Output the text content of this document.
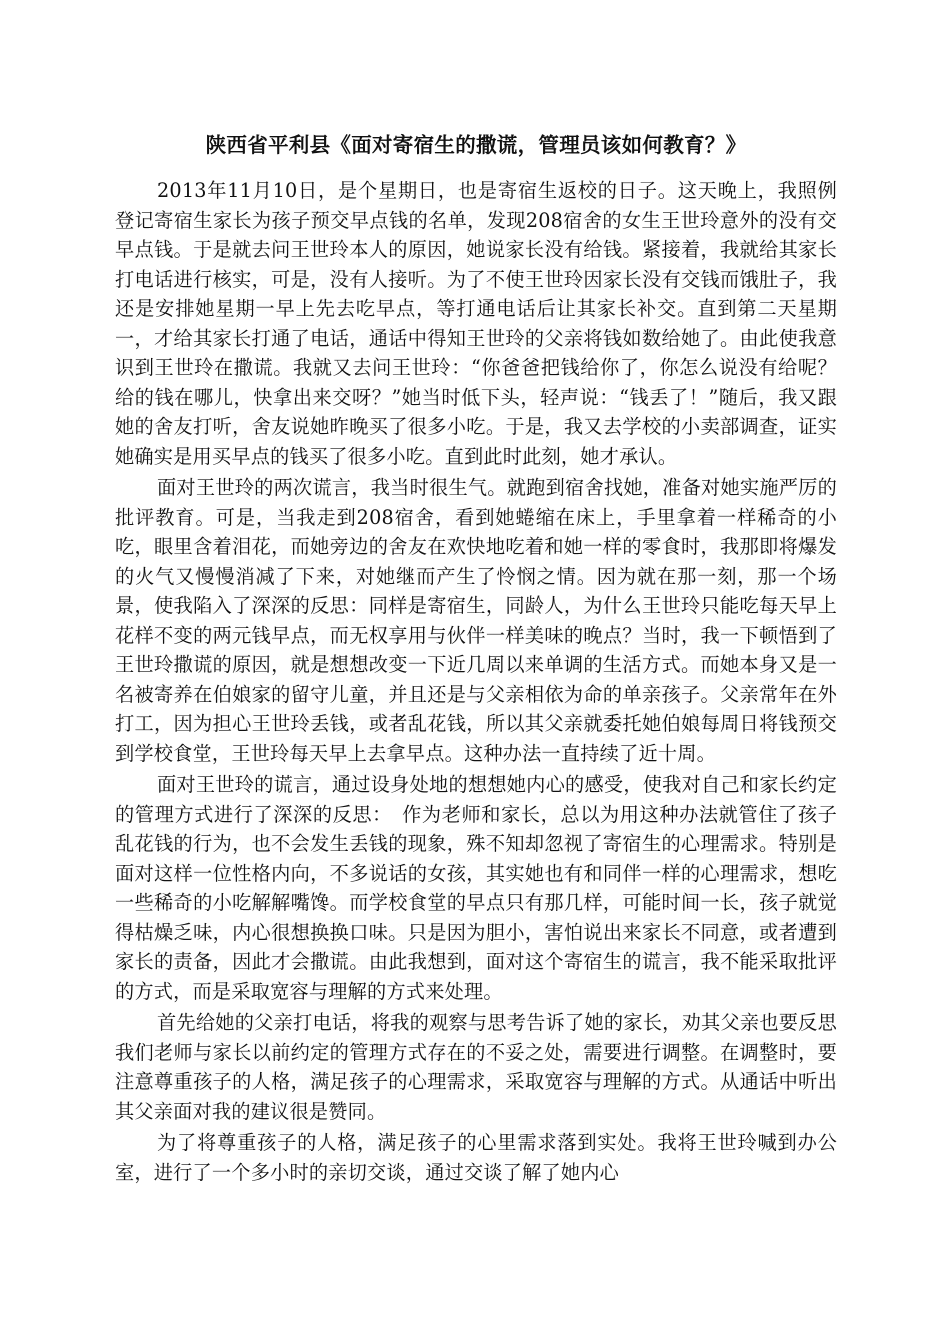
陕西省平利县《面对寄宿生的撒谎，管理员该如何教育？》

2013年11月10日，是个星期日，也是寄宿生返校的日子。这天晚上，我照例登记寄宿生家长为孩子预交早点钱的名单，发现208宿舍的女生王世玲意外的没有交早点钱。于是就去问王世玲本人的原因，她说家长没有给钱。紧接着，我就给其家长打电话进行核实，可是，没有人接听。为了不使王世玲因家长没有交钱而饿肚子，我还是安排她星期一早上先去吃早点，等打通电话后让其家长补交。直到第二天星期一，才给其家长打通了电话，通话中得知王世玲的父亲将钱如数给她了。由此使我意识到王世玲在撒谎。我就又去问王世玲：“你爸爸把钱给你了，你怎么说没有给呢？给的钱在哪儿，快拿出来交呀？”她当时低下头，轻声说：“钱丢了！”随后，我又跟她的舍友打听，舍友说她昨晚买了很多小吃。于是，我又去学校的小卖部调查，证实她确实是用买早点的钱买了很多小吃。直到此时此刻，她才承认。

面对王世玲的两次谎言，我当时很生气。就跑到宿舍找她，准备对她实施严厉的批评教育。可是，当我走到208宿舍，看到她蜷缩在床上，手里拿着一样稀奇的小吃，眼里含着泪花，而她旁边的舍友在欢快地吃着和她一样的零食时，我那即将爆发的火气又慢慢消减了下来，对她继而产生了怜悯之情。因为就在那一刻，那一个场景，使我陷入了深深的反思：同样是寄宿生，同龄人，为什么王世玲只能吃每天早上花样不变的两元钱早点，而无权享用与伙伴一样美味的晚点？当时，我一下顿悟到了王世玲撒谎的原因，就是想想改变一下近几周以来单调的生活方式。而她本身又是一名被寄养在伯娘家的留守儿童，并且还是与父亲相依为命的单亲孩子。父亲常年在外打工，因为担心王世玲丢钱，或者乱花钱，所以其父亲就委托她伯娘每周日将钱预交到学校食堂，王世玲每天早上去拿早点。这种办法一直持续了近十周。

面对王世玲的谎言，通过设身处地的想想她内心的感受，使我对自己和家长约定的管理方式进行了深深的反思：　作为老师和家长，总以为用这种办法就管住了孩子乱花钱的行为，也不会发生丢钱的现象，殊不知却忽视了寄宿生的心理需求。特别是面对这样一位性格内向，不多说话的女孩，其实她也有和同伴一样的心理需求，想吃一些稀奇的小吃解解嘴馋。而学校食堂的早点只有那几样，可能时间一长，孩子就觉得枯燥乏味，内心很想换换口味。只是因为胆小，害怕说出来家长不同意，或者遭到家长的责备，因此才会撒谎。由此我想到，面对这个寄宿生的谎言，我不能采取批评的方式，而是采取宽容与理解的方式来处理。

首先给她的父亲打电话，将我的观察与思考告诉了她的家长，劝其父亲也要反思我们老师与家长以前约定的管理方式存在的不妥之处，需要进行调整。在调整时，要注意尊重孩子的人格，满足孩子的心理需求，采取宽容与理解的方式。从通话中听出其父亲面对我的建议很是赞同。

为了将尊重孩子的人格，满足孩子的心里需求落到实处。我将王世玲喊到办公室，进行了一个多小时的亲切交谈，通过交谈了解了她内心
